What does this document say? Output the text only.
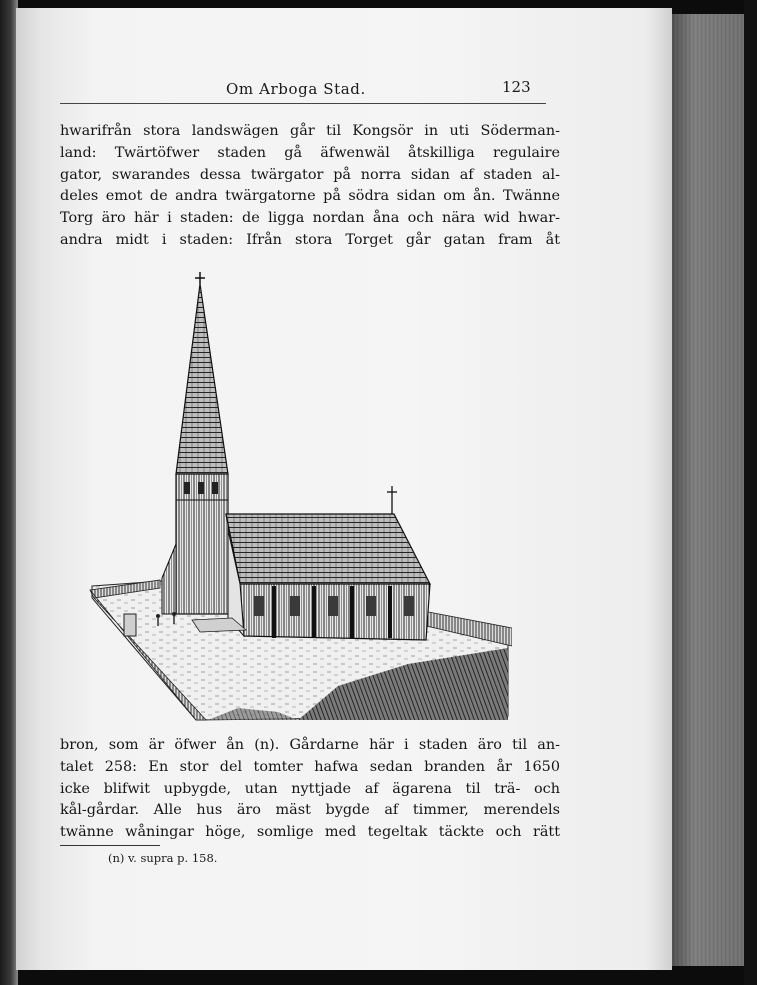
Om Arboga Stad.	123
hwarifrån stora landswägen går til Kongsör in uti Söderman-
land: Twärtöfwer staden gå äfwenwäl åtskilliga regulaire
gator, swarandes dessa twärgator på norra sidan af staden al-
deles emot de andra twärgatorne på södra sidan om ån. Twänne
Torg äro här i staden: de ligga nordan åna och nära wid hwar-
andra midt i staden: Ifrån stora Torget går gatan fram åt
bron, som är öfwer ån (n). Gårdarne här i staden äro til an-
talet 258: En stor del tomter hafwa sedan branden år 1650
icke blifwit upbygde, utan nyttjade af ägarena til trä- och
kål-gårdar. Alle hus äro mäst bygde af timmer, merendels
twänne wåningar höge, somlige med tegeltak täckte och rätt
(n) v. supra p. 158.
